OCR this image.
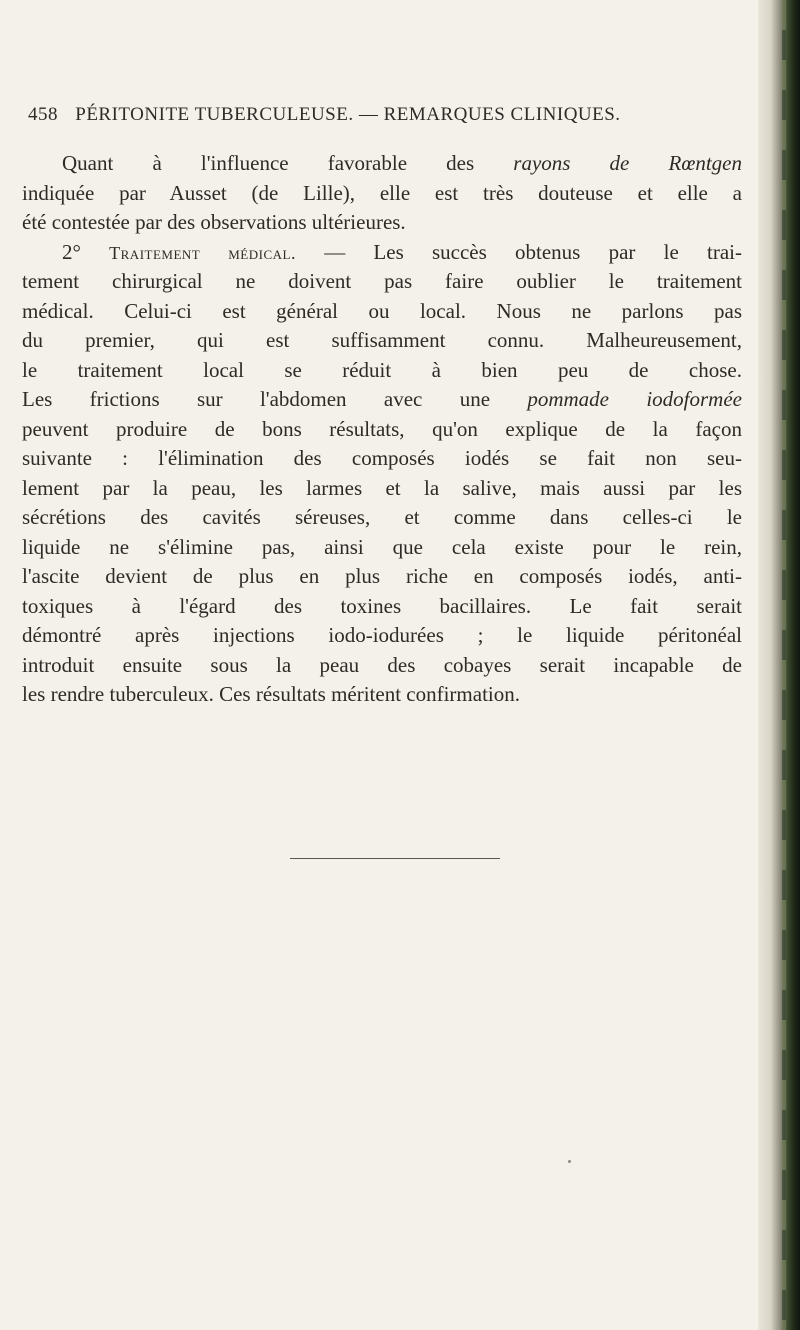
458 PÉRITONITE TUBERCULEUSE. — REMARQUES CLINIQUES.
Quant à l'influence favorable des rayons de Rœntgen
indiquée par Ausset (de Lille), elle est très douteuse et elle a
été contestée par des observations ultérieures.
2° Traitement médical. — Les succès obtenus par le trai-
tement chirurgical ne doivent pas faire oublier le traitement
médical. Celui-ci est général ou local. Nous ne parlons pas
du premier, qui est suffisamment connu. Malheureusement,
le traitement local se réduit à bien peu de chose.
Les frictions sur l'abdomen avec une pommade iodoformée
peuvent produire de bons résultats, qu'on explique de la façon
suivante : l'élimination des composés iodés se fait non seu-
lement par la peau, les larmes et la salive, mais aussi par les
sécrétions des cavités séreuses, et comme dans celles-ci le
liquide ne s'élimine pas, ainsi que cela existe pour le rein,
l'ascite devient de plus en plus riche en composés iodés, anti-
toxiques à l'égard des toxines bacillaires. Le fait serait
démontré après injections iodo-iodurées ; le liquide péritonéal
introduit ensuite sous la peau des cobayes serait incapable de
les rendre tuberculeux. Ces résultats méritent confirmation.
